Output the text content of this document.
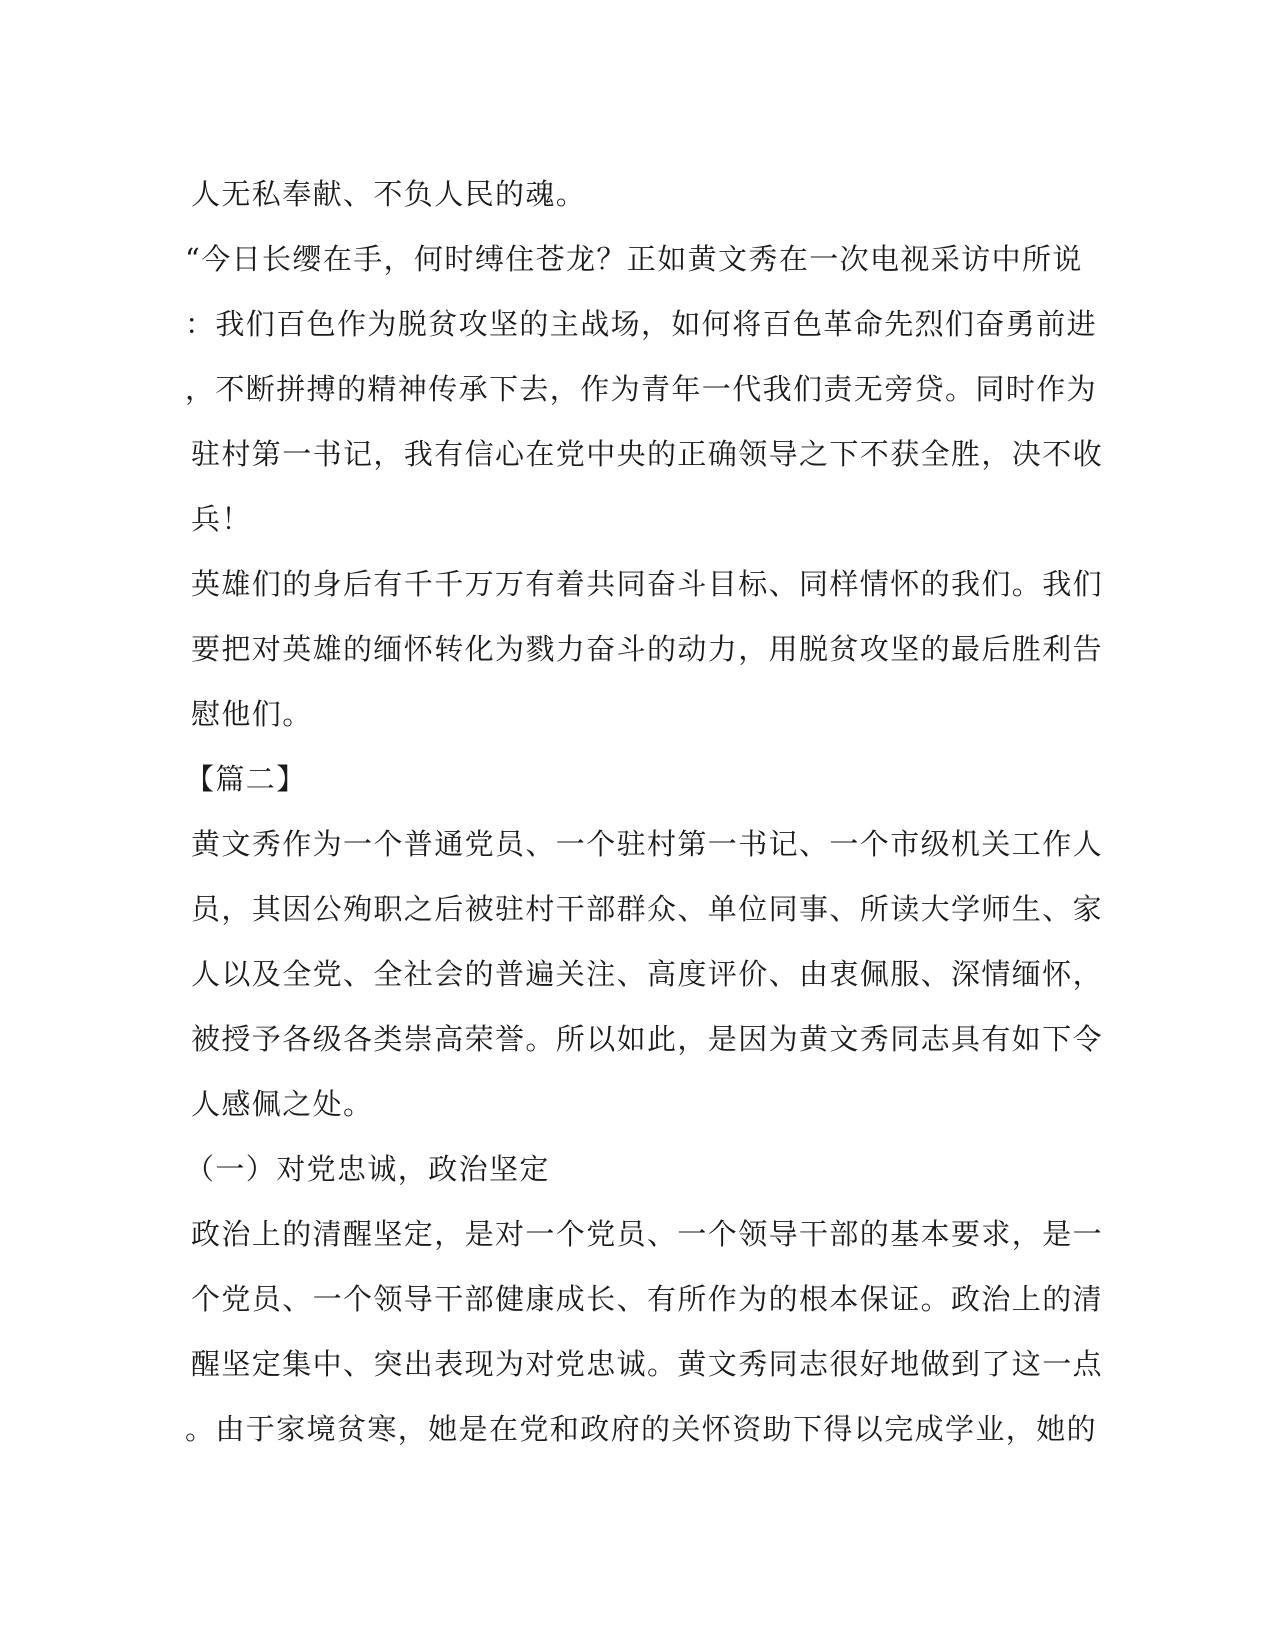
人无私奉献、不负人民的魂。
“今日长缨在手，何时缚住苍龙？正如黄文秀在一次电视采访中所说
：我们百色作为脱贫攻坚的主战场，如何将百色革命先烈们奋勇前进
，不断拼搏的精神传承下去，作为青年一代我们责无旁贷。同时作为
驻村第一书记，我有信心在党中央的正确领导之下不获全胜，决不收
兵！
英雄们的身后有千千万万有着共同奋斗目标、同样情怀的我们。我们
要把对英雄的缅怀转化为戮力奋斗的动力，用脱贫攻坚的最后胜利告
慰他们。
【篇二】
黄文秀作为一个普通党员、一个驻村第一书记、一个市级机关工作人
员，其因公殉职之后被驻村干部群众、单位同事、所读大学师生、家
人以及全党、全社会的普遍关注、高度评价、由衷佩服、深情缅怀，
被授予各级各类崇高荣誉。所以如此，是因为黄文秀同志具有如下令
人感佩之处。
（一）对党忠诚，政治坚定
政治上的清醒坚定，是对一个党员、一个领导干部的基本要求，是一
个党员、一个领导干部健康成长、有所作为的根本保证。政治上的清
醒坚定集中、突出表现为对党忠诚。黄文秀同志很好地做到了这一点
。由于家境贫寒，她是在党和政府的关怀资助下得以完成学业，她的
